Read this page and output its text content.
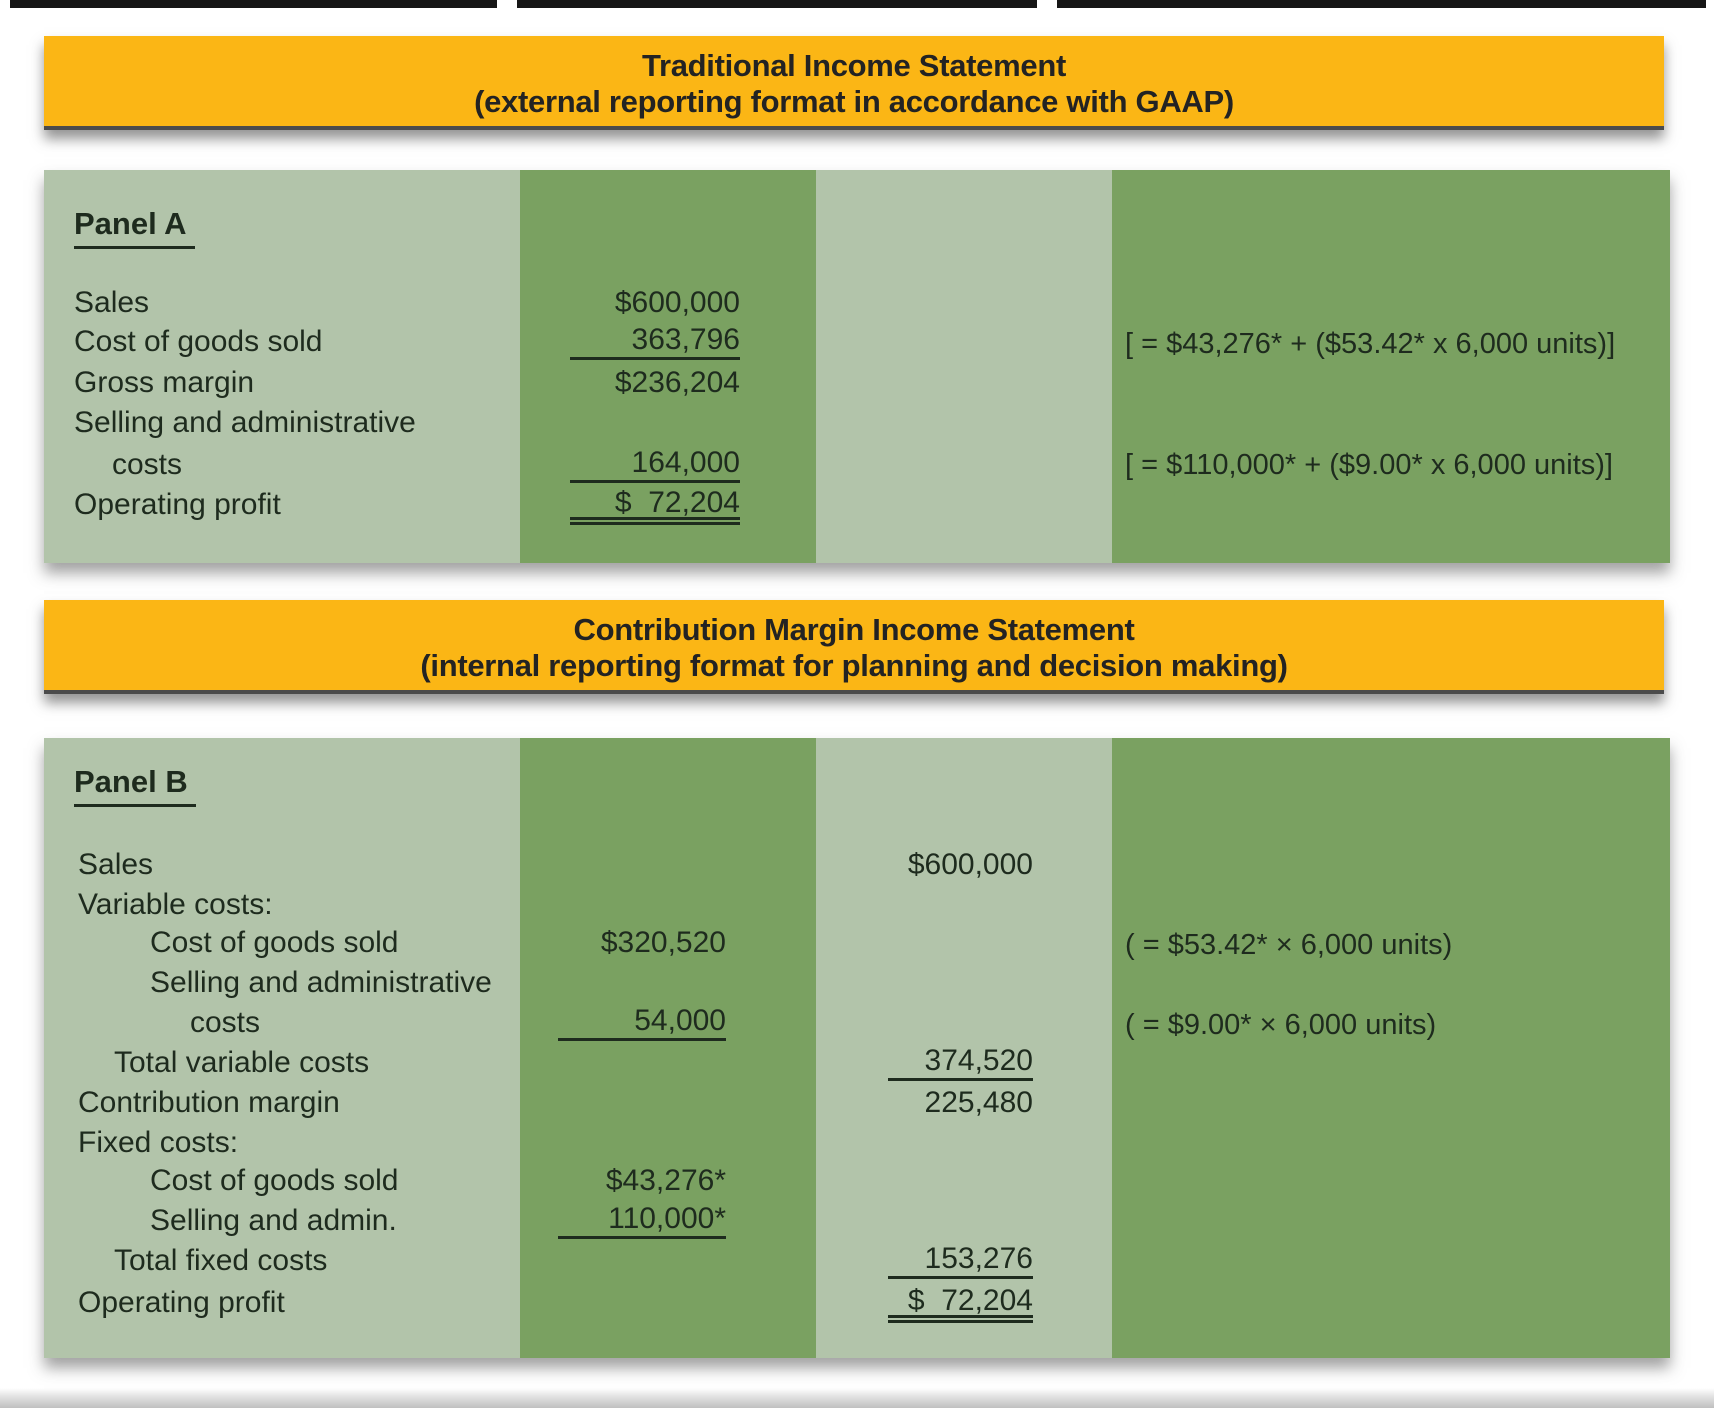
Traditional Income Statement
(external reporting format in accordance with GAAP)
Panel A
Sales
Cost of goods sold
Gross margin
Selling and administrative
costs
Operating profit
$600,000
363,796
$236,204
164,000
$  72,204
[ = $43,276* + ($53.42* x 6,000 units)]
[ = $110,000* + ($9.00* x 6,000 units)]
Contribution Margin Income Statement
(internal reporting format for planning and decision making)
Panel B
Sales
Variable costs:
Cost of goods sold
Selling and administrative
costs
Total variable costs
Contribution margin
Fixed costs:
Cost of goods sold
Selling and admin.
Total fixed costs
Operating profit
$600,000
$320,520
54,000
374,520
225,480
$43,276*
110,000*
153,276
$  72,204
( = $53.42* × 6,000 units)
( = $9.00* × 6,000 units)
